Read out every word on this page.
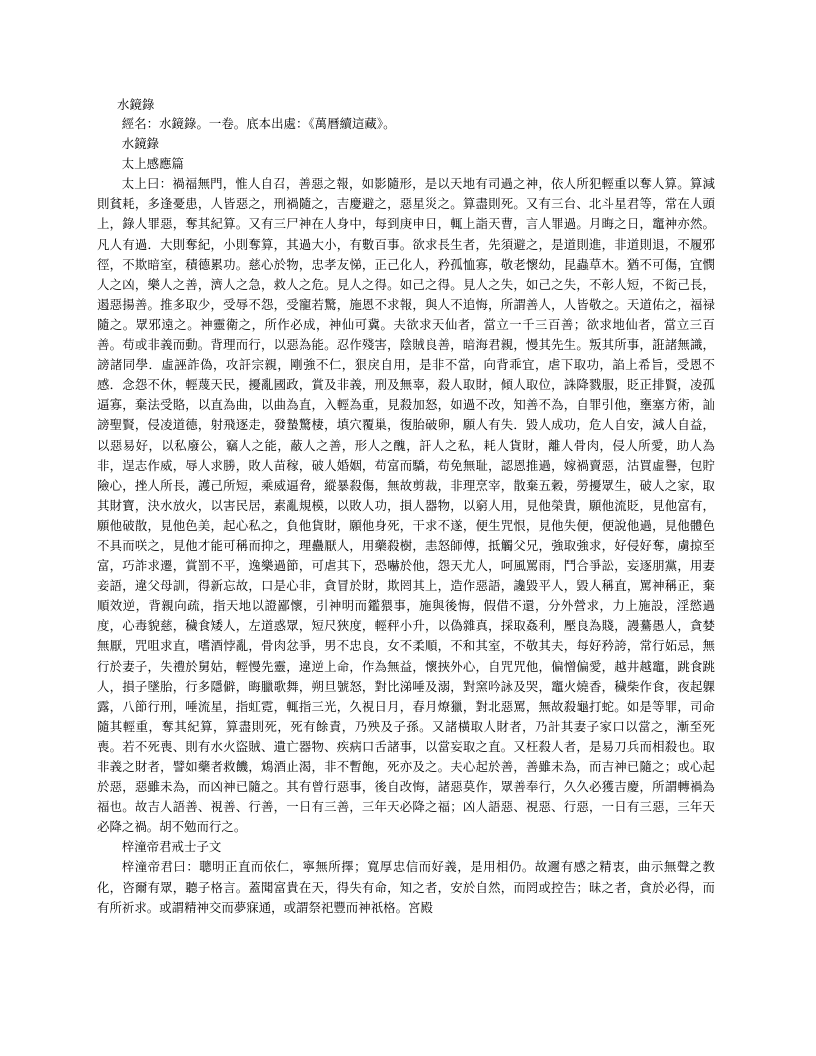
水鏡錄

經名：水鏡錄。一卷。底本出處：《萬曆續這藏》。

水鏡錄

太上感應篇

太上曰：禍福無門，惟人自召，善惡之報，如影隨形，是以天地有司過之神，依人所犯輕重以奪人算。算減則貧耗，多逢憂患，人皆惡之，刑禍隨之，吉慶避之，惡星災之。算盡則死。又有三台、北斗星君等，常在人頭上，錄人罪惡，奪其紀算。又有三尸神在人身中，每到庚申日，輒上詣天曹，言人罪過。月晦之日，竈神亦然。凡人有過．大則奪紀，小則奪算，其過大小，有數百事。欲求長生者，先須避之，是道則進，非道則退，不履邪徑，不欺暗室，積德累功。慈心於物，忠孝友悌，正己化人，矜孤恤寡，敬老懷幼，昆蟲草木。猶不可傷，宜憫人之凶，樂人之善，濟人之急，救人之危。見人之得。如己之得。見人之失，如己之失，不彰人短，不衒己長，遏惡揚善。推多取少，受辱不怨，受寵若驚，施恩不求報，與人不追悔，所謂善人，人皆敬之。天道佑之，福禄隨之。眾邪遠之。神靈衛之，所作必成，神仙可冀。夫欲求天仙者，當立一千三百善；欲求地仙者，當立三百善。苟或非義而動。背理而行，以惡為能。忍作殘害，陰賊良善，暗海君親，慢其先生。叛其所事，誑諸無識，謗諸同學．虛誣詐偽，攻訐宗親，剛強不仁，狠戾自用，是非不當，向背乖宜，虐下取功，諂上希旨，受恩不感．念怨不休，輕蔑天民，擾亂國政，賞及非義，刑及無辜，殺人取財，傾人取位，誅降戮服，貶正排賢，凌孤逼寡，棄法受賂，以直為曲，以曲為直，入輕為重，見殺加怒，如過不改，知善不為，自罪引他，壅塞方術，訕謗聖賢，侵凌道德，射飛逐走，發蟄驚棲，填穴覆巢，復胎破卵，願人有失．毀人成功，危人自安，減人自益，以惡易好，以私廢公，竊人之能，蔽人之善，形人之醜，訐人之私，耗人貨財，離人骨肉，侵人所愛，助人為非，逞志作威，辱人求勝，敗人苗稼，破人婚姻，苟富而驕，苟免無耻，認恩推過，嫁禍賣惡，沽買虛譽，包貯險心，挫人所長，護己所短，乘威逼脅，縱暴殺傷，無故剪裁，非理烹宰，散棄五穀，勞擾眾生，破人之家，取其財寶，決水放火，以害民居，素亂規模，以敗人功，損人器物，以窮人用，見他榮貴，願他流貶，見他富有，願他破散，見他色美，起心私之，負他貨財，願他身死，干求不遂，便生咒恨，見他失便，便說他過，見他體色不具而咲之，見他才能可稱而抑之，理蠱厭人，用藥殺樹，恚怒師傅，抵觸父兄，強取強求，好侵好奪，虜掠至富，巧詐求遷，賞罰不平，逸樂過節，可虐其下，恐嚇於他，怨天尤人，呵風罵雨，鬥合爭訟，妄逐朋黨，用妻妾語，違父母訓，得新忘故，口是心非，貪冒於財，欺罔其上，造作惡語，讒毀平人，毀人稱直，罵神稱正，棄順效逆，背親向疏，指天地以證鄙懷，引神明而鑑猥事，施與後悔，假借不還，分外營求，力上施設，淫慾過度，心毒貌慈，穢食矮人，左道惑眾，短尺狹度，輕秤小升，以偽雜真，採取姦利，壓良為賤，謾驀愚人，貪婪無厭，咒咀求直，嗜酒悖亂，骨肉忿爭，男不忠良，女不柔順，不和其室，不敬其夫，每好矜誇，常行妬忌，無行於妻子，失禮於舅姑，輕慢先靈，違逆上命，作為無益，懷挾外心，自咒咒他，偏憎偏愛，越井越竈，跳食跳人，損子墜胎，行多隱僻，晦臘歌舞，朔旦號怒，對比涕唾及溺，對窯吟詠及哭，竈火燒香，穢柴作食，夜起躶露，八節行刑，唾流星，指虹霓，輒指三光，久視日月，春月燎獵，對北惡罵，無故殺龜打蛇。如是等罪，司命隨其輕重，奪其紀算，算盡則死，死有餘責，乃殃及子孫。又諸橫取人財者，乃計其妻子家口以當之，漸至死喪。若不死喪、則有水火盜賊、遺亡器物、疾病口舌諸事，以當妄取之直。又枉殺人者，是易刀兵而相殺也。取非義之財者，譬如藥者救饑，鴆酒止渴，非不暫飽，死亦及之。夫心起於善，善雖未為，而吉神已隨之；或心起於惡，惡雖未為，而凶神已隨之。其有曾行惡事，後自改悔，諸惡莫作，眾善奉行，久久必獲吉慶，所謂轉禍為福也。故吉人語善、視善、行善，一日有三善，三年天必降之福；凶人語惡、視惡、行惡，一日有三惡，三年天必降之禍。胡不勉而行之。

梓潼帝君戒士子文

梓潼帝君曰：聰明正直而依仁，寧無所擇；寬厚忠信而好義，是用相仍。故邇有感之精衷，曲示無聲之教化，咨爾有眾，聽子格言。蓋聞富貴在天，得失有命，知之者，安於自然，而罔或控告；昧之者，貪於必得，而有所祈求。或謂精神交而夢寐通，或謂祭祀豐而神祇格。宮殿
